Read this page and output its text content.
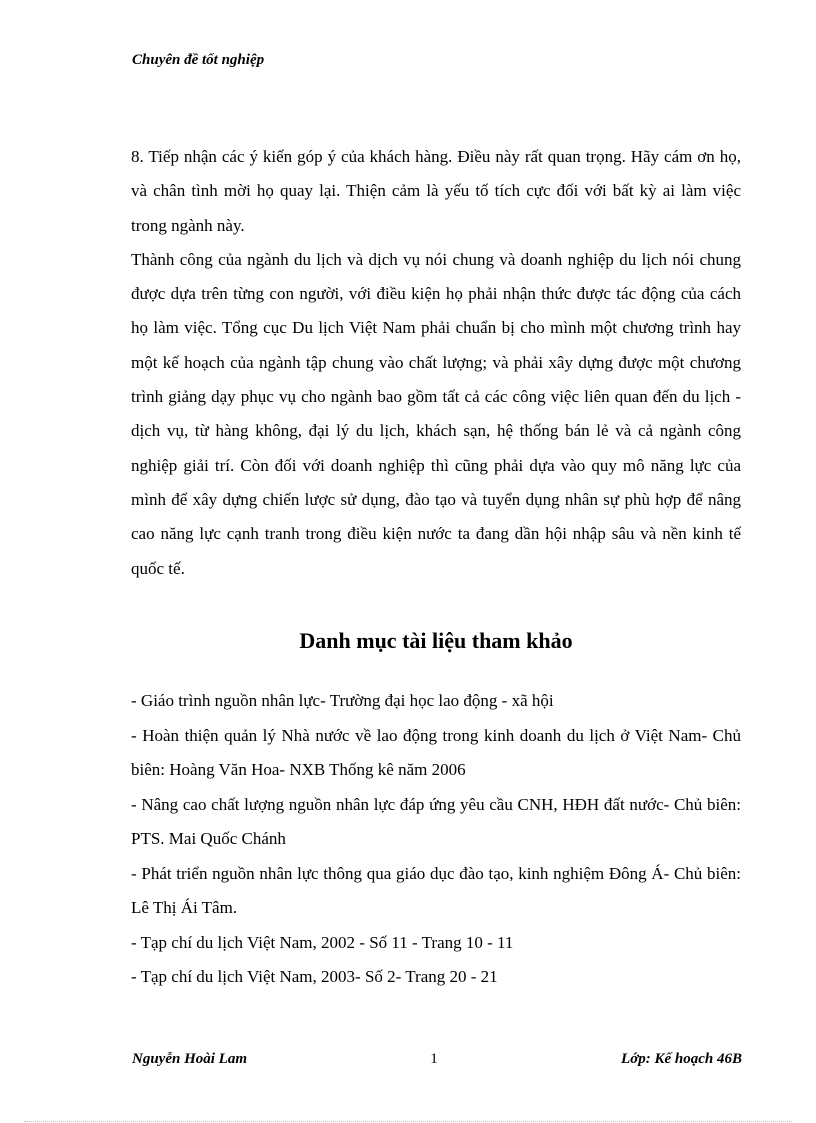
Chuyên đề tốt nghiệp

8. Tiếp nhận các ý kiến góp ý của khách hàng. Điều này rất quan trọng. Hãy cám ơn họ, và chân tình mời họ quay lại. Thiện cảm là yếu tố tích cực đối với bất kỳ ai làm việc trong ngành này.

Thành công của ngành du lịch và dịch vụ nói chung và doanh nghiệp du lịch nói chung được dựa trên từng con người, với điều kiện họ phải nhận thức được tác động của cách họ làm việc. Tổng cục Du lịch Việt Nam phải chuẩn bị cho mình một chương trình hay một kế hoạch của ngành tập chung vào chất lượng; và phải xây dựng được một chương trình giảng dạy phục vụ cho ngành bao gồm tất cả các công việc liên quan đến du lịch - dịch vụ, từ hàng không, đại lý du lịch, khách sạn, hệ thống bán lẻ và cả ngành công nghiệp giải trí. Còn đối với doanh nghiệp thì cũng phải dựa vào quy mô năng lực của mình để xây dựng chiến lược sử dụng, đào tạo và tuyển dụng nhân sự phù hợp để nâng cao năng lực cạnh tranh trong điều kiện nước ta đang dần hội nhập sâu và nền kinh tế quốc tế.

Danh mục tài liệu tham khảo

- Giáo trình nguồn nhân lực- Trường đại học lao động - xã hội

- Hoàn thiện quản lý Nhà nước về lao động trong kinh doanh du lịch ở Việt Nam- Chủ biên: Hoàng Văn Hoa- NXB Thống kê năm 2006

- Nâng cao chất lượng nguồn nhân lực đáp ứng yêu cầu CNH, HĐH đất nước- Chủ biên: PTS. Mai Quốc Chánh

- Phát triển nguồn nhân lực thông qua giáo dục đào tạo, kinh nghiệm Đông Á- Chủ biên: Lê Thị Ái Tâm.

- Tạp chí du lịch Việt Nam, 2002 - Số 11 - Trang 10 - 11

- Tạp chí du lịch Việt Nam, 2003- Số 2- Trang 20 - 21

Nguyễn Hoài Lam	1	Lớp: Kế hoạch 46B
